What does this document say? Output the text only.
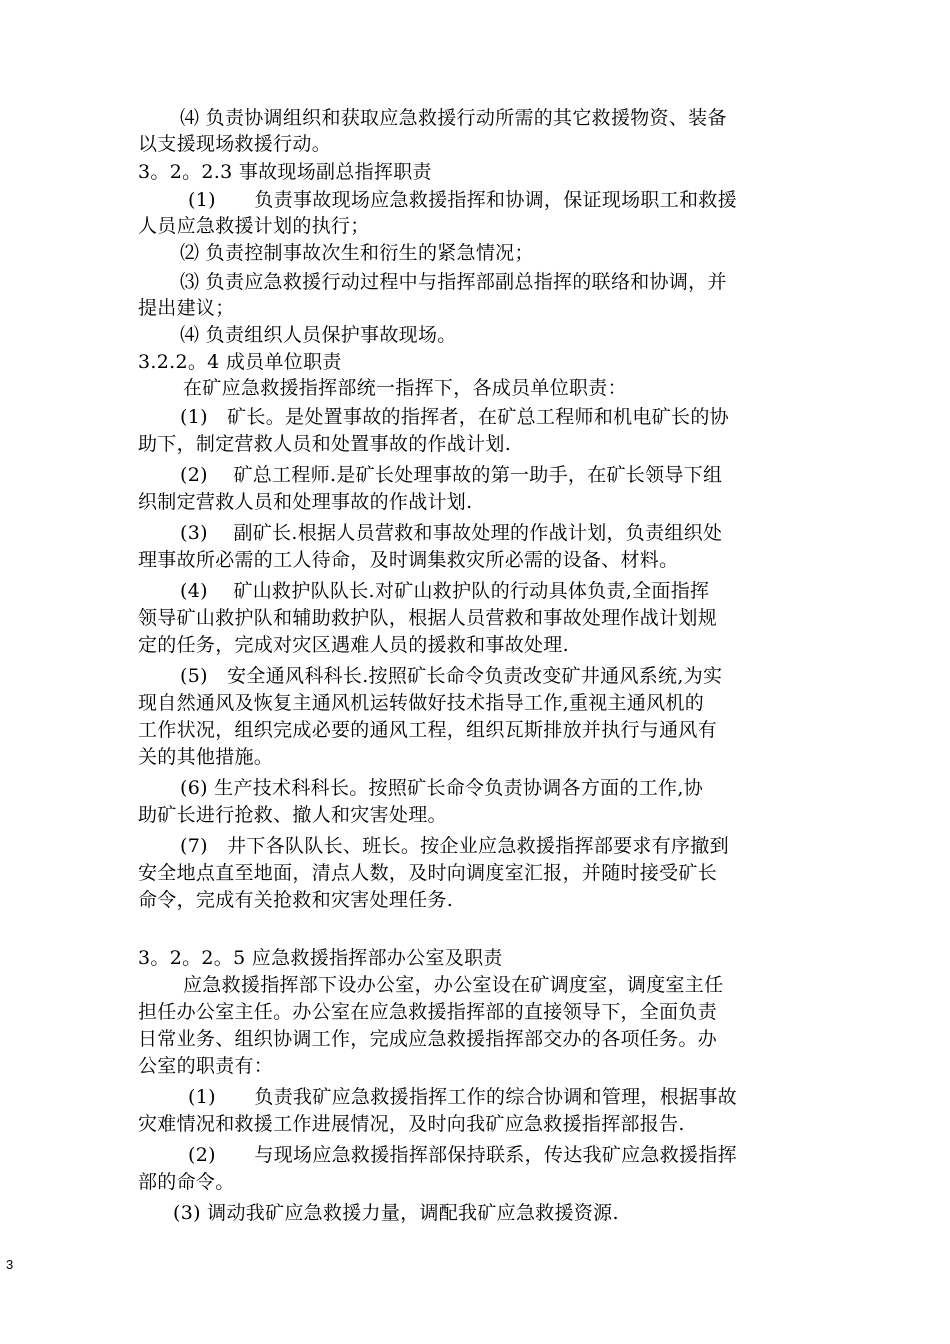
⑷ 负责协调组织和获取应急救援行动所需的其它救援物资、装备
以支援现场救援行动。
3。2。2.3 事故现场副总指挥职责
(1)　　负责事故现场应急救援指挥和协调，保证现场职工和救援
人员应急救援计划的执行；
⑵ 负责控制事故次生和衍生的紧急情况；
⑶ 负责应急救援行动过程中与指挥部副总指挥的联络和协调，并
提出建议；
⑷ 负责组织人员保护事故现场。
3.2.2。4 成员单位职责
在矿应急救援指挥部统一指挥下，各成员单位职责：
(1)　矿长。是处置事故的指挥者，在矿总工程师和机电矿长的协
助下，制定营救人员和处置事故的作战计划.
(2)　 矿总工程师.是矿长处理事故的第一助手，在矿长领导下组
织制定营救人员和处理事故的作战计划.
(3)　 副矿长.根据人员营救和事故处理的作战计划，负责组织处
理事故所必需的工人待命，及时调集救灾所必需的设备、材料。
(4)　 矿山救护队队长.对矿山救护队的行动具体负责,全面指挥
领导矿山救护队和辅助救护队，根据人员营救和事故处理作战计划规
定的任务，完成对灾区遇难人员的援救和事故处理.
(5)　安全通风科科长.按照矿长命令负责改变矿井通风系统,为实
现自然通风及恢复主通风机运转做好技术指导工作,重视主通风机的
工作状况，组织完成必要的通风工程，组织瓦斯排放并执行与通风有
关的其他措施。
(6) 生产技术科科长。按照矿长命令负责协调各方面的工作,协
助矿长进行抢救、撤人和灾害处理。
(7)　井下各队队长、班长。按企业应急救援指挥部要求有序撤到
安全地点直至地面，清点人数，及时向调度室汇报，并随时接受矿长
命令，完成有关抢救和灾害处理任务.
3。2。2。5 应急救援指挥部办公室及职责
应急救援指挥部下设办公室，办公室设在矿调度室，调度室主任
担任办公室主任。办公室在应急救援指挥部的直接领导下，全面负责
日常业务、组织协调工作，完成应急救援指挥部交办的各项任务。办
公室的职责有：
(1)　　负责我矿应急救援指挥工作的综合协调和管理，根据事故
灾难情况和救援工作进展情况，及时向我矿应急救援指挥部报告.
(2)　　与现场应急救援指挥部保持联系，传达我矿应急救援指挥
部的命令。
(3) 调动我矿应急救援力量，调配我矿应急救援资源.
3
